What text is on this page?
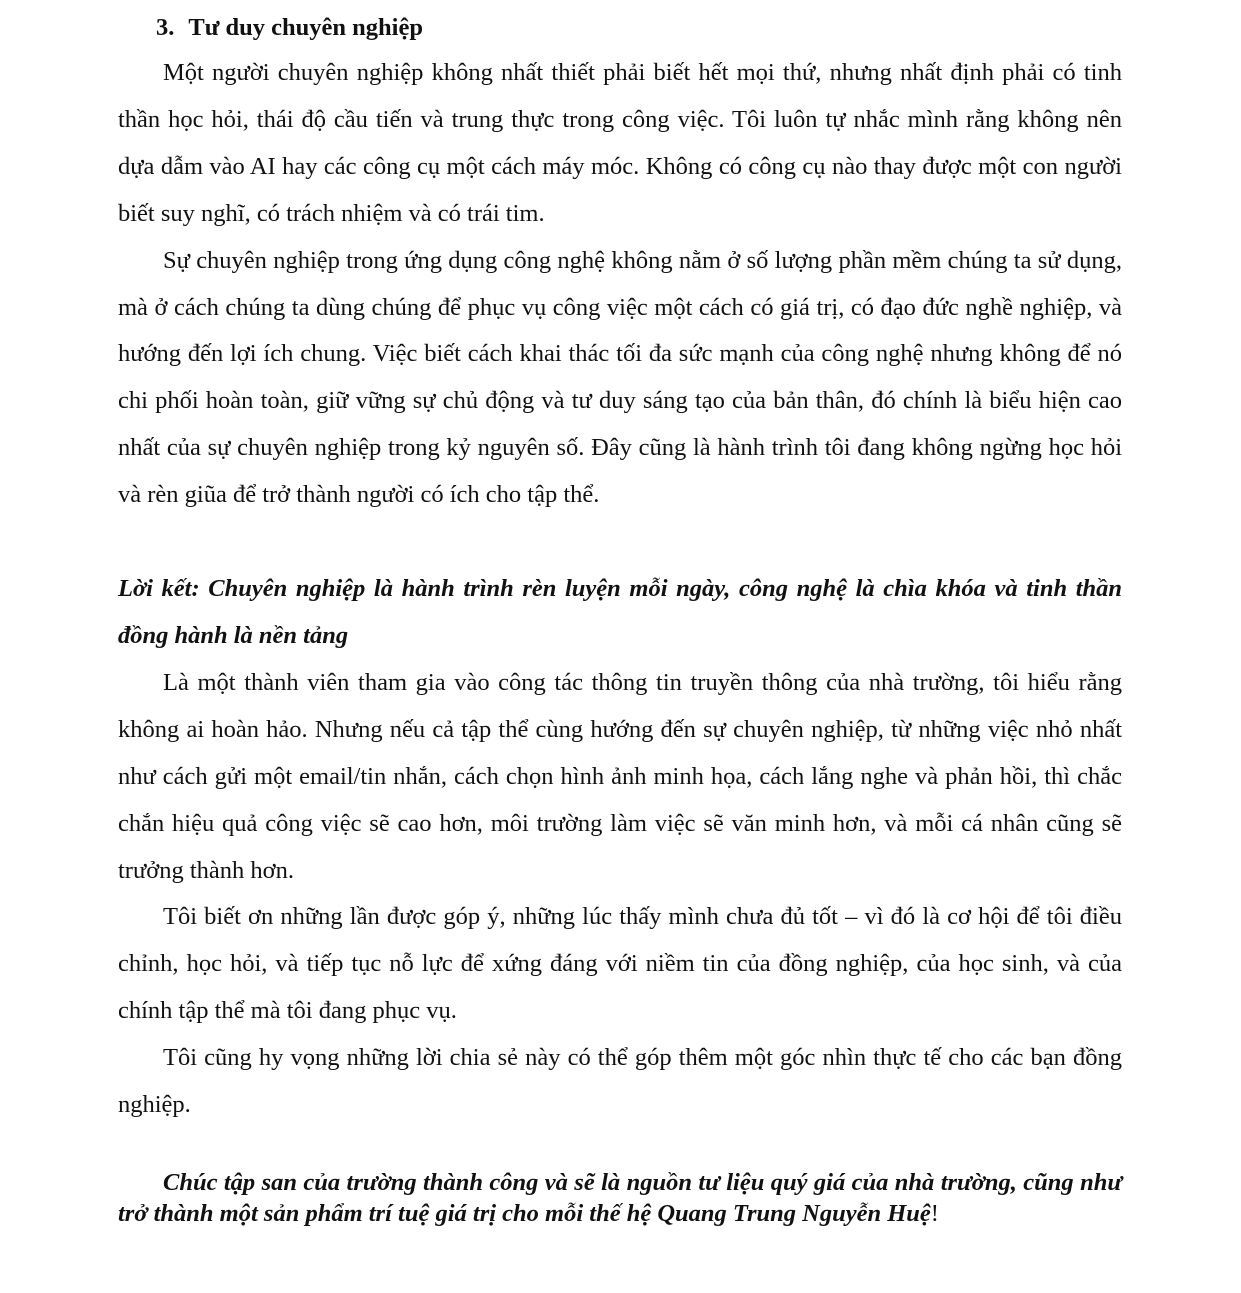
3. Tư duy chuyên nghiệp

Một người chuyên nghiệp không nhất thiết phải biết hết mọi thứ, nhưng nhất định phải có tinh thần học hỏi, thái độ cầu tiến và trung thực trong công việc. Tôi luôn tự nhắc mình rằng không nên dựa dẫm vào AI hay các công cụ một cách máy móc. Không có công cụ nào thay được một con người biết suy nghĩ, có trách nhiệm và có trái tim.

Sự chuyên nghiệp trong ứng dụng công nghệ không nằm ở số lượng phần mềm chúng ta sử dụng, mà ở cách chúng ta dùng chúng để phục vụ công việc một cách có giá trị, có đạo đức nghề nghiệp, và hướng đến lợi ích chung. Việc biết cách khai thác tối đa sức mạnh của công nghệ nhưng không để nó chi phối hoàn toàn, giữ vững sự chủ động và tư duy sáng tạo của bản thân, đó chính là biểu hiện cao nhất của sự chuyên nghiệp trong kỷ nguyên số. Đây cũng là hành trình tôi đang không ngừng học hỏi và rèn giũa để trở thành người có ích cho tập thể.

Lời kết: Chuyên nghiệp là hành trình rèn luyện mỗi ngày, công nghệ là chìa khóa và tinh thần đồng hành là nền tảng

Là một thành viên tham gia vào công tác thông tin truyền thông của nhà trường, tôi hiểu rằng không ai hoàn hảo. Nhưng nếu cả tập thể cùng hướng đến sự chuyên nghiệp, từ những việc nhỏ nhất như cách gửi một email/tin nhắn, cách chọn hình ảnh minh họa, cách lắng nghe và phản hồi, thì chắc chắn hiệu quả công việc sẽ cao hơn, môi trường làm việc sẽ văn minh hơn, và mỗi cá nhân cũng sẽ trưởng thành hơn.

Tôi biết ơn những lần được góp ý, những lúc thấy mình chưa đủ tốt – vì đó là cơ hội để tôi điều chỉnh, học hỏi, và tiếp tục nỗ lực để xứng đáng với niềm tin của đồng nghiệp, của học sinh, và của chính tập thể mà tôi đang phục vụ.

Tôi cũng hy vọng những lời chia sẻ này có thể góp thêm một góc nhìn thực tế cho các bạn đồng nghiệp.

Chúc tập san của trường thành công và sẽ là nguồn tư liệu quý giá của nhà trường, cũng như trở thành một sản phẩm trí tuệ giá trị cho mỗi thế hệ Quang Trung Nguyễn Huệ!
